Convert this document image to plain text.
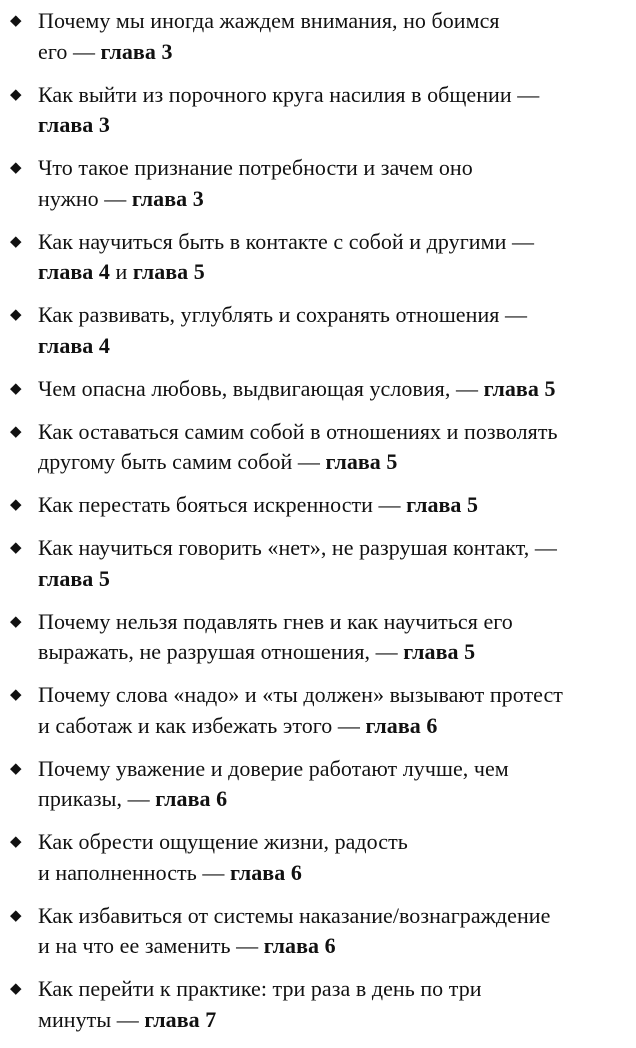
◆ Почему мы иногда жаждем внимания, но боимся
его — глава 3
◆ Как выйти из порочного круга насилия в общении —
глава 3
◆ Что такое признание потребности и зачем оно
нужно — глава 3
◆ Как научиться быть в контакте с собой и другими —
глава 4 и глава 5
◆ Как развивать, углублять и сохранять отношения —
глава 4
◆ Чем опасна любовь, выдвигающая условия, — глава 5
◆ Как оставаться самим собой в отношениях и позволять
другому быть самим собой — глава 5
◆ Как перестать бояться искренности — глава 5
◆ Как научиться говорить «нет», не разрушая контакт, —
глава 5
◆ Почему нельзя подавлять гнев и как научиться его
выражать, не разрушая отношения, — глава 5
◆ Почему слова «надо» и «ты должен» вызывают протест
и саботаж и как избежать этого — глава 6
◆ Почему уважение и доверие работают лучше, чем
приказы, — глава 6
◆ Как обрести ощущение жизни, радость
и наполненность — глава 6
◆ Как избавиться от системы наказание/вознаграждение
и на что ее заменить — глава 6
◆ Как перейти к практике: три раза в день по три
минуты — глава 7
